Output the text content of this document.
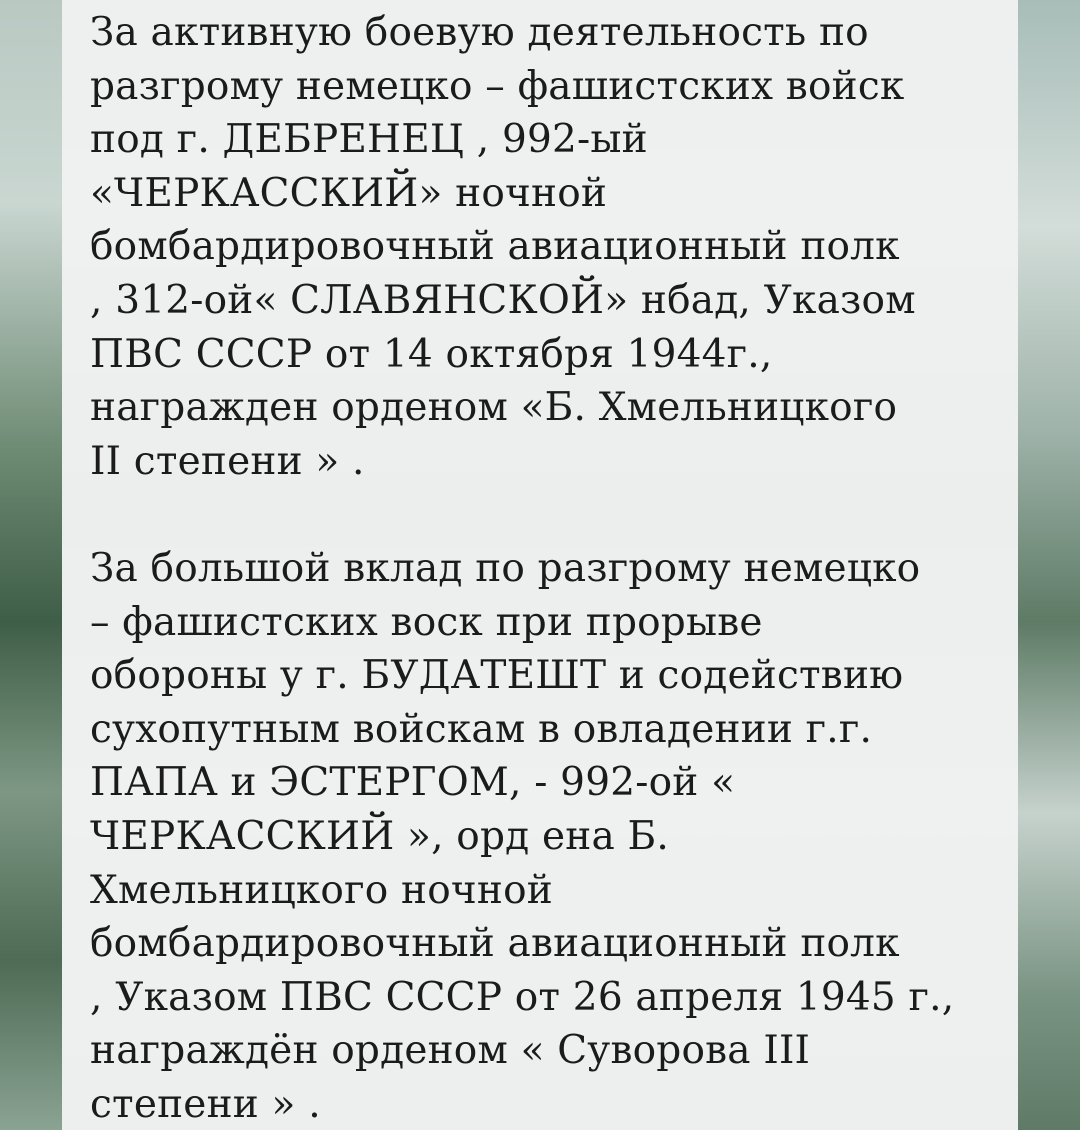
За активную боевую деятельность по
разгрому немецко – фашистских войск
под г. ДЕБРЕНЕЦ , 992-ый
«ЧЕРКАССКИЙ» ночной
бомбардировочный авиационный полк
, 312-ой« СЛАВЯНСКОЙ» нбад, Указом
ПВС СССР от 14 октября 1944г.,
награжден орденом «Б. Хмельницкого
II степени » .

За большой вклад по разгрому немецко
– фашистских воск при прорыве
обороны у г. БУДАТЕШТ и содействию
сухопутным войскам в овладении г.г.
ПАПА и ЭСТЕРГОМ, - 992-ой «
ЧЕРКАССКИЙ », орд ена Б.
Хмельницкого ночной
бомбардировочный авиационный полк
, Указом ПВС СССР от 26 апреля 1945 г.,
награждён орденом « Суворова III
степени » .
